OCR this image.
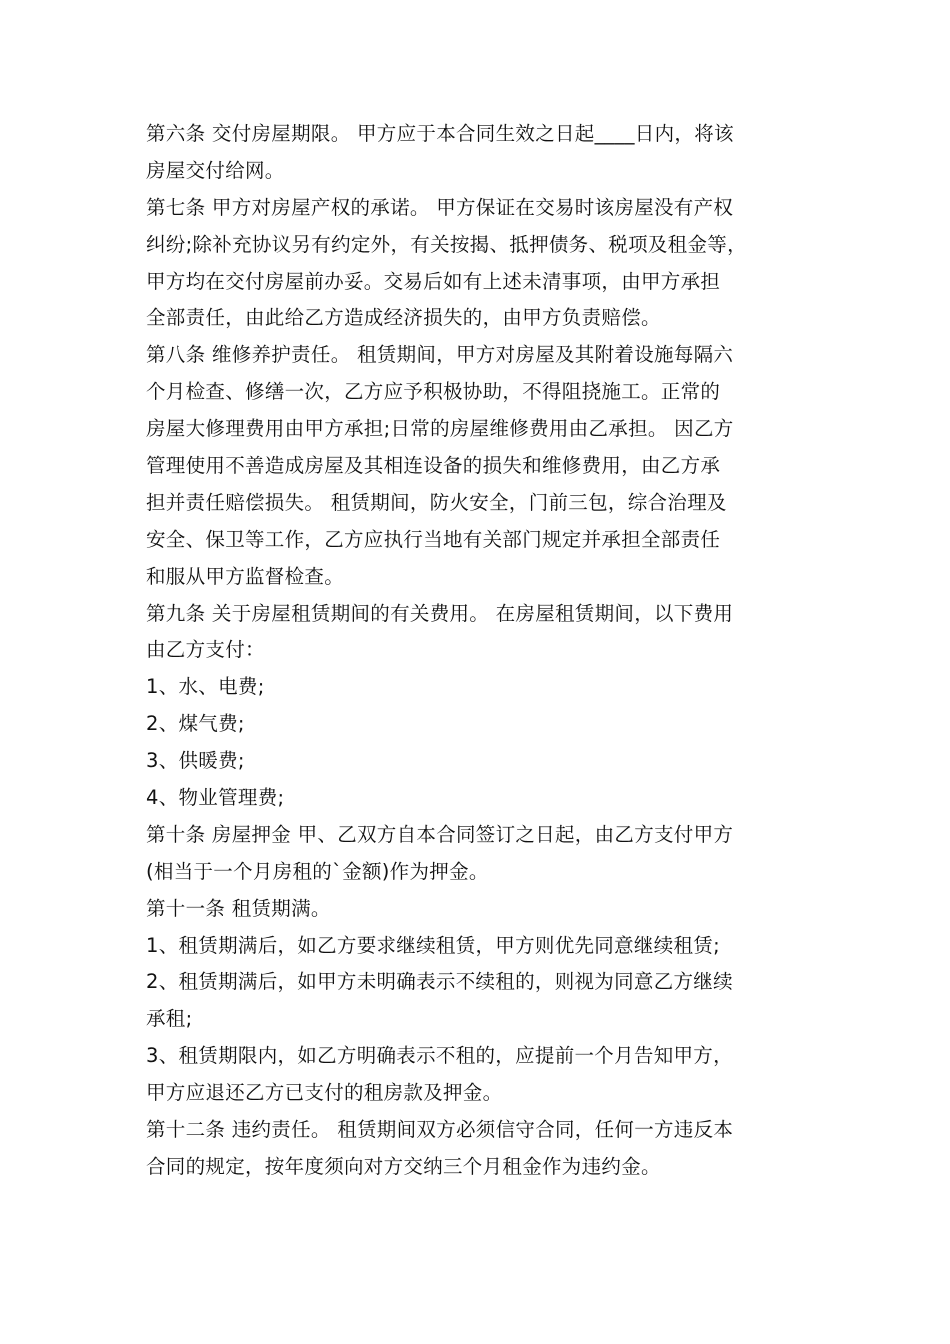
第六条 交付房屋期限。 甲方应于本合同生效之日起____日内，将该
房屋交付给网。
第七条 甲方对房屋产权的承诺。 甲方保证在交易时该房屋没有产权
纠纷;除补充协议另有约定外，有关按揭、抵押债务、税项及租金等，
甲方均在交付房屋前办妥。交易后如有上述未清事项，由甲方承担
全部责任，由此给乙方造成经济损失的，由甲方负责赔偿。
第八条 维修养护责任。 租赁期间，甲方对房屋及其附着设施每隔六
个月检查、修缮一次，乙方应予积极协助，不得阻挠施工。正常的
房屋大修理费用由甲方承担;日常的房屋维修费用由乙承担。 因乙方
管理使用不善造成房屋及其相连设备的损失和维修费用，由乙方承
担并责任赔偿损失。 租赁期间，防火安全，门前三包，综合治理及
安全、保卫等工作，乙方应执行当地有关部门规定并承担全部责任
和服从甲方监督检查。
第九条 关于房屋租赁期间的有关费用。 在房屋租赁期间，以下费用
由乙方支付：
1、水、电费;
2、煤气费;
3、供暖费;
4、物业管理费;
第十条 房屋押金 甲、乙双方自本合同签订之日起，由乙方支付甲方
(相当于一个月房租的`金额)作为押金。
第十一条 租赁期满。
1、租赁期满后，如乙方要求继续租赁，甲方则优先同意继续租赁;
2、租赁期满后，如甲方未明确表示不续租的，则视为同意乙方继续
承租;
3、租赁期限内，如乙方明确表示不租的，应提前一个月告知甲方，
甲方应退还乙方已支付的租房款及押金。
第十二条 违约责任。 租赁期间双方必须信守合同，任何一方违反本
合同的规定，按年度须向对方交纳三个月租金作为违约金。
